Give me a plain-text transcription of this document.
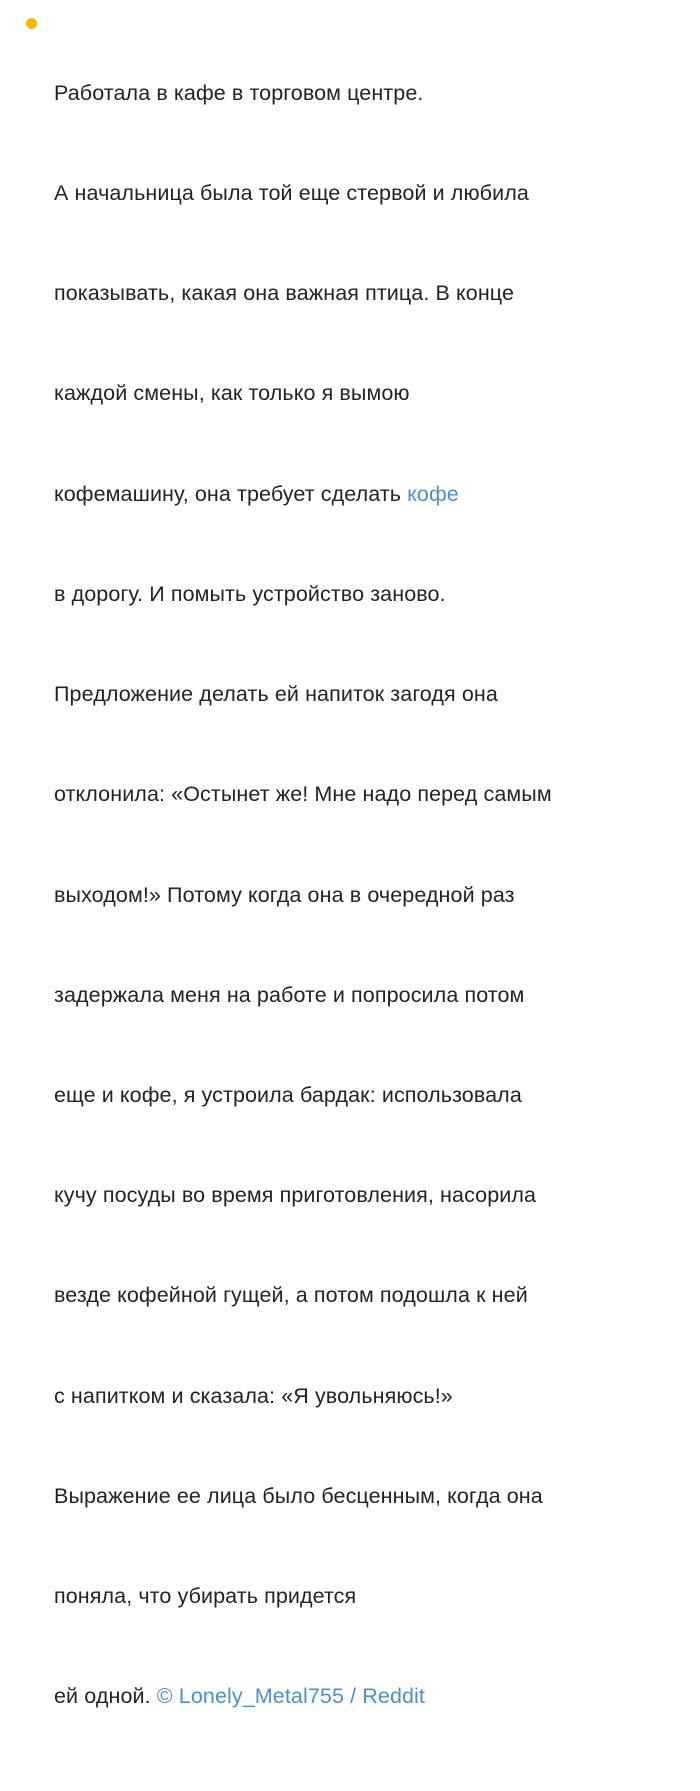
Работала в кафе в торговом центре.

А начальница была той еще стервой и любила

показывать, какая она важная птица. В конце

каждой смены, как только я вымою

кофемашину, она требует сделать кофе

в дорогу. И помыть устройство заново.

Предложение делать ей напиток загодя она

отклонила: «Остынет же! Мне надо перед самым

выходом!» Потому когда она в очередной раз

задержала меня на работе и попросила потом

еще и кофе, я устроила бардак: использовала

кучу посуды во время приготовления, насорила

везде кофейной гущей, а потом подошла к ней

с напитком и сказала: «Я увольняюсь!»

Выражение ее лица было бесценным, когда она

поняла, что убирать придется

ей одной. © Lonely_Metal755 / Reddit
